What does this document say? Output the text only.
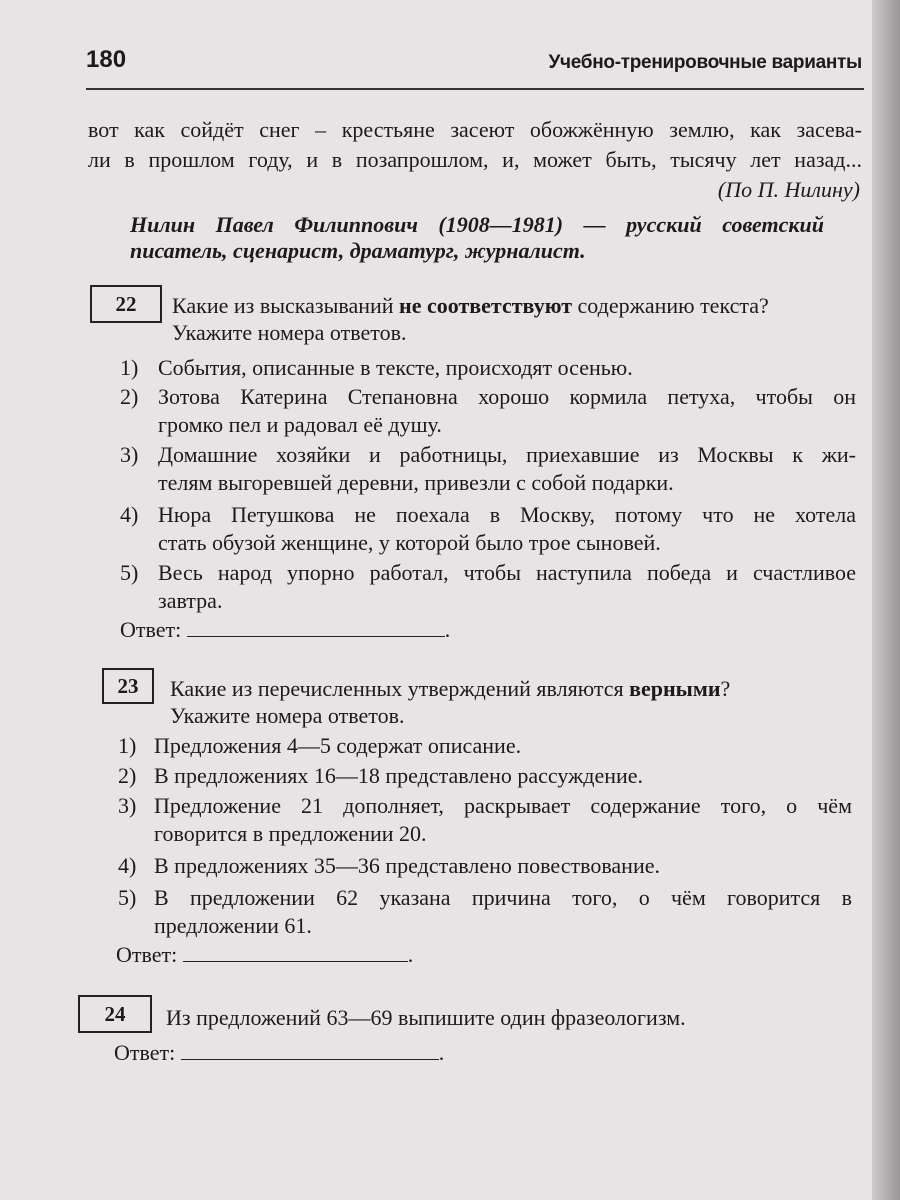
180	Учебно-тренировочные варианты
вот как сойдёт снег – крестьяне засеют обожжённую землю, как засева-
ли в прошлом году, и в позапрошлом, и, может быть, тысячу лет назад...
(По П. Нилину)
Нилин Павел Филиппович (1908—1981) — русский советский
писатель, сценарист, драматург, журналист.
22	Какие из высказываний не соответствуют содержанию текста?
Укажите номера ответов.
1) События, описанные в тексте, происходят осенью.
2) Зотова Катерина Степановна хорошо кормила петуха, чтобы он
громко пел и радовал её душу.
3) Домашние хозяйки и работницы, приехавшие из Москвы к жи-
телям выгоревшей деревни, привезли с собой подарки.
4) Нюра Петушкова не поехала в Москву, потому что не хотела
стать обузой женщине, у которой было трое сыновей.
5) Весь народ упорно работал, чтобы наступила победа и счастливое
завтра.
Ответ:	.
23	Какие из перечисленных утверждений являются верными?
Укажите номера ответов.
1) Предложения 4—5 содержат описание.
2) В предложениях 16—18 представлено рассуждение.
3) Предложение 21 дополняет, раскрывает содержание того, о чём
говорится в предложении 20.
4) В предложениях 35—36 представлено повествование.
5) В предложении 62 указана причина того, о чём говорится в
предложении 61.
Ответ:	.
24	Из предложений 63—69 выпишите один фразеологизм.
Ответ:	.
